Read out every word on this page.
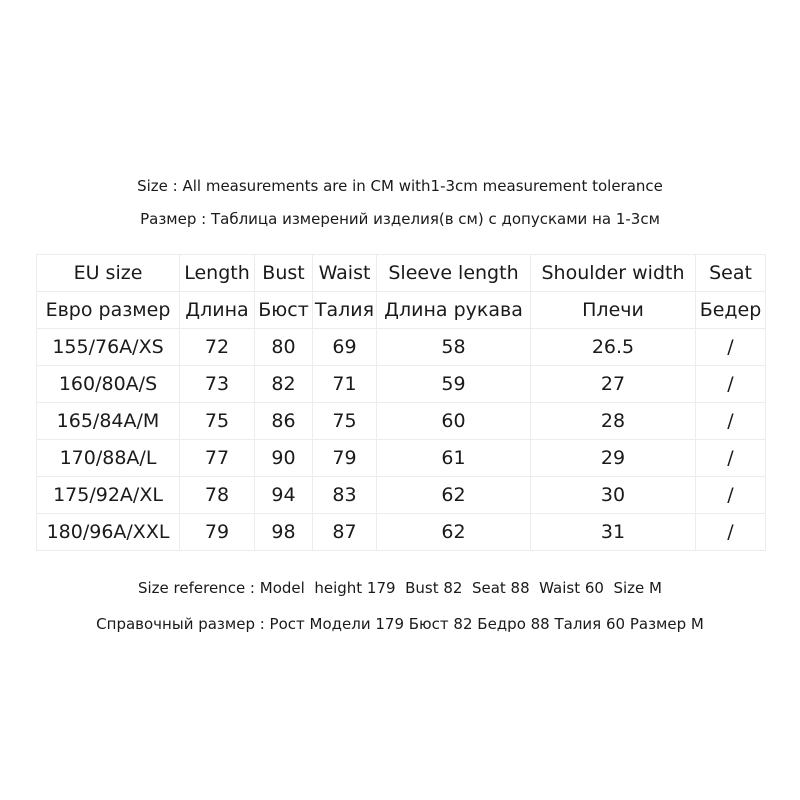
Size : All measurements are in CM with1-3cm measurement tolerance
Размер : Таблица измерений изделия(в см) с допусками на 1-3см
EU size	Length	Bust	Waist	Sleeve length	Shoulder width	Seat
Евро размер	Длина	Бюст	Талия	Длина рукава	Плечи	Бедер
155/76A/XS	72	80	69	58	26.5	/
160/80A/S	73	82	71	59	27	/
165/84A/M	75	86	75	60	28	/
170/88A/L	77	90	79	61	29	/
175/92A/XL	78	94	83	62	30	/
180/96A/XXL	79	98	87	62	31	/
Size reference : Model  height 179  Bust 82  Seat 88  Waist 60  Size M
Справочный размер : Рост Модели 179 Бюст 82 Бедро 88 Талия 60 Размер M
